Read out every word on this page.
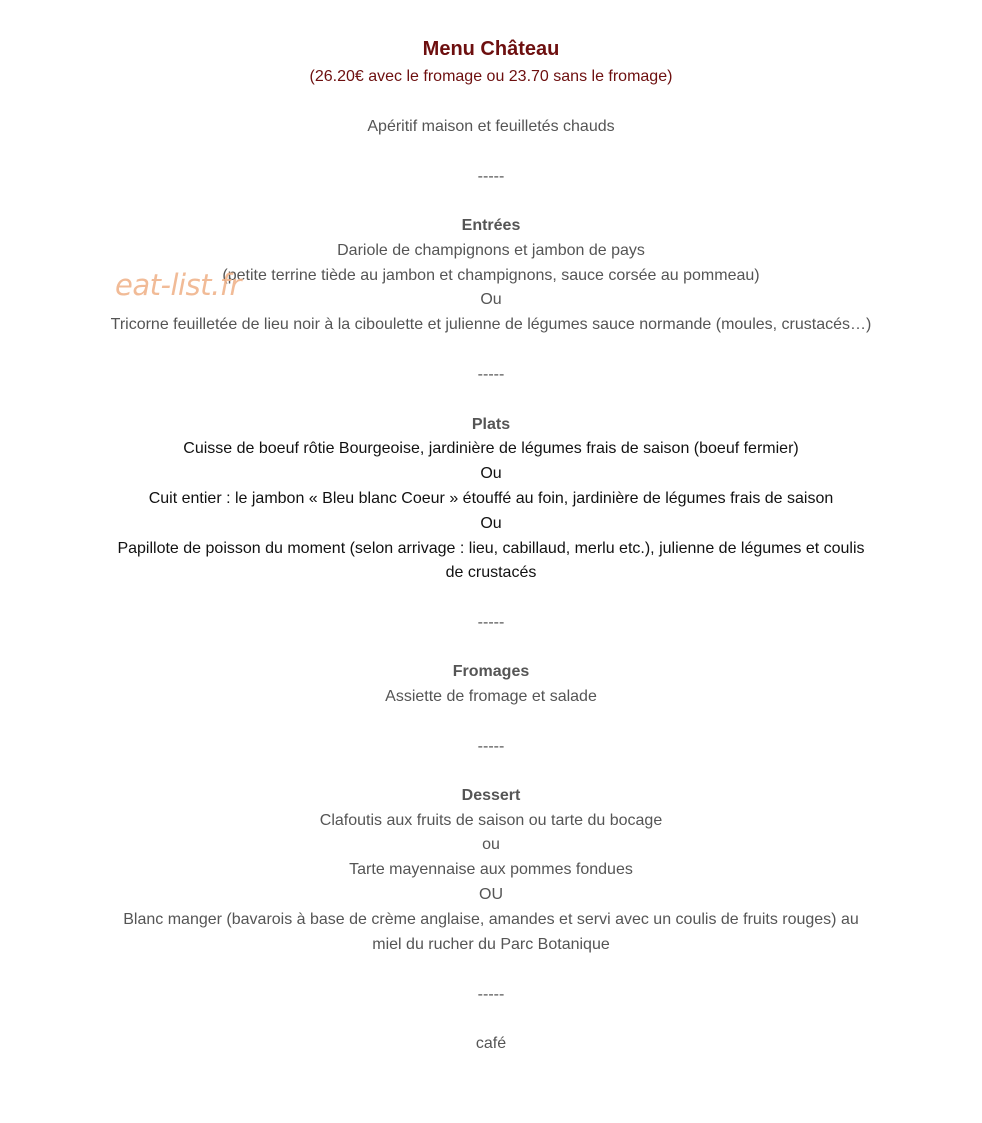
Menu Château
(26.20€ avec le fromage ou 23.70 sans le fromage)
Apéritif maison et feuilletés chauds
-----
Entrées
Dariole de champignons et jambon de pays
(petite terrine tiède au jambon et champignons, sauce corsée au pommeau)
Ou
Tricorne feuilletée de lieu noir à la ciboulette et julienne de légumes sauce normande (moules, crustacés…)
-----
Plats
Cuisse de boeuf rôtie Bourgeoise, jardinière de légumes frais de saison (boeuf fermier)
Ou
Cuit entier : le jambon « Bleu blanc Coeur » étouffé au foin, jardinière de légumes frais de saison
Ou
Papillote de poisson du moment (selon arrivage : lieu, cabillaud, merlu etc.), julienne de légumes et coulis
de crustacés
-----
Fromages
Assiette de fromage et salade
-----
Dessert
Clafoutis aux fruits de saison ou tarte du bocage
ou
Tarte mayennaise aux pommes fondues
OU
Blanc manger (bavarois à base de crème anglaise, amandes et servi avec un coulis de fruits rouges) au
miel du rucher du Parc Botanique
-----
café
eat-list.fr
